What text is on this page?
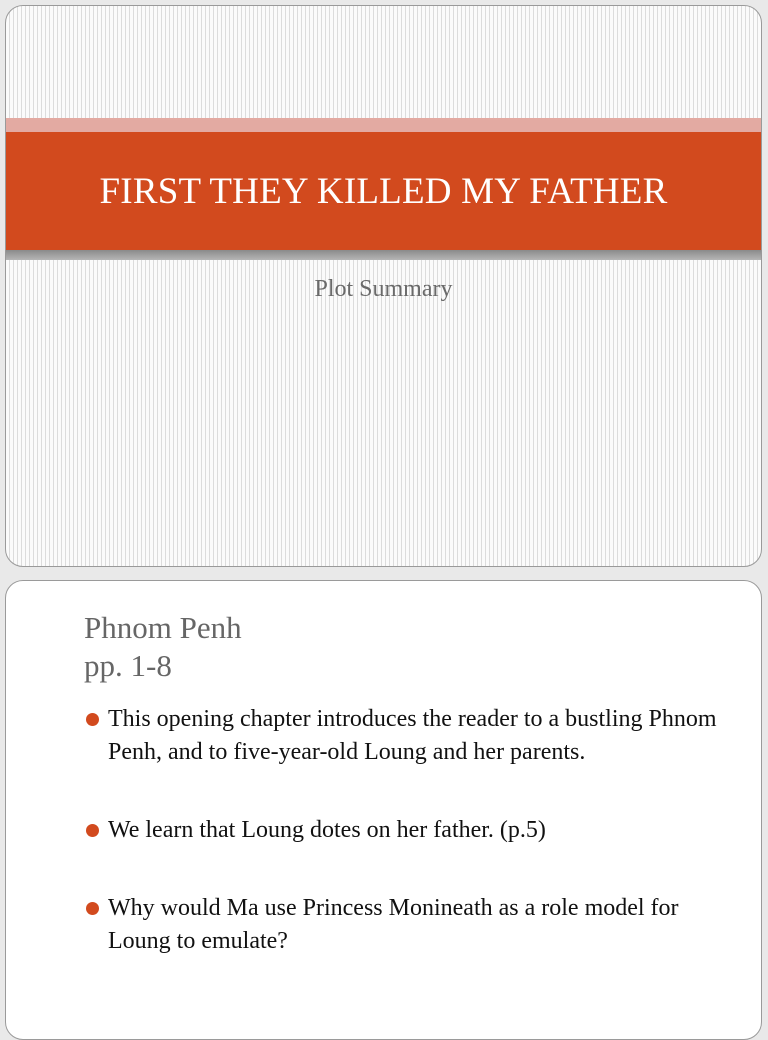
FIRST THEY KILLED MY FATHER
Plot Summary
Phnom Penh
pp. 1-8
This opening chapter introduces the reader to a bustling Phnom Penh, and to five-year-old Loung and her parents.
We learn that Loung dotes on her father. (p.5)
Why would Ma use Princess Monineath as a role model for Loung to emulate?
